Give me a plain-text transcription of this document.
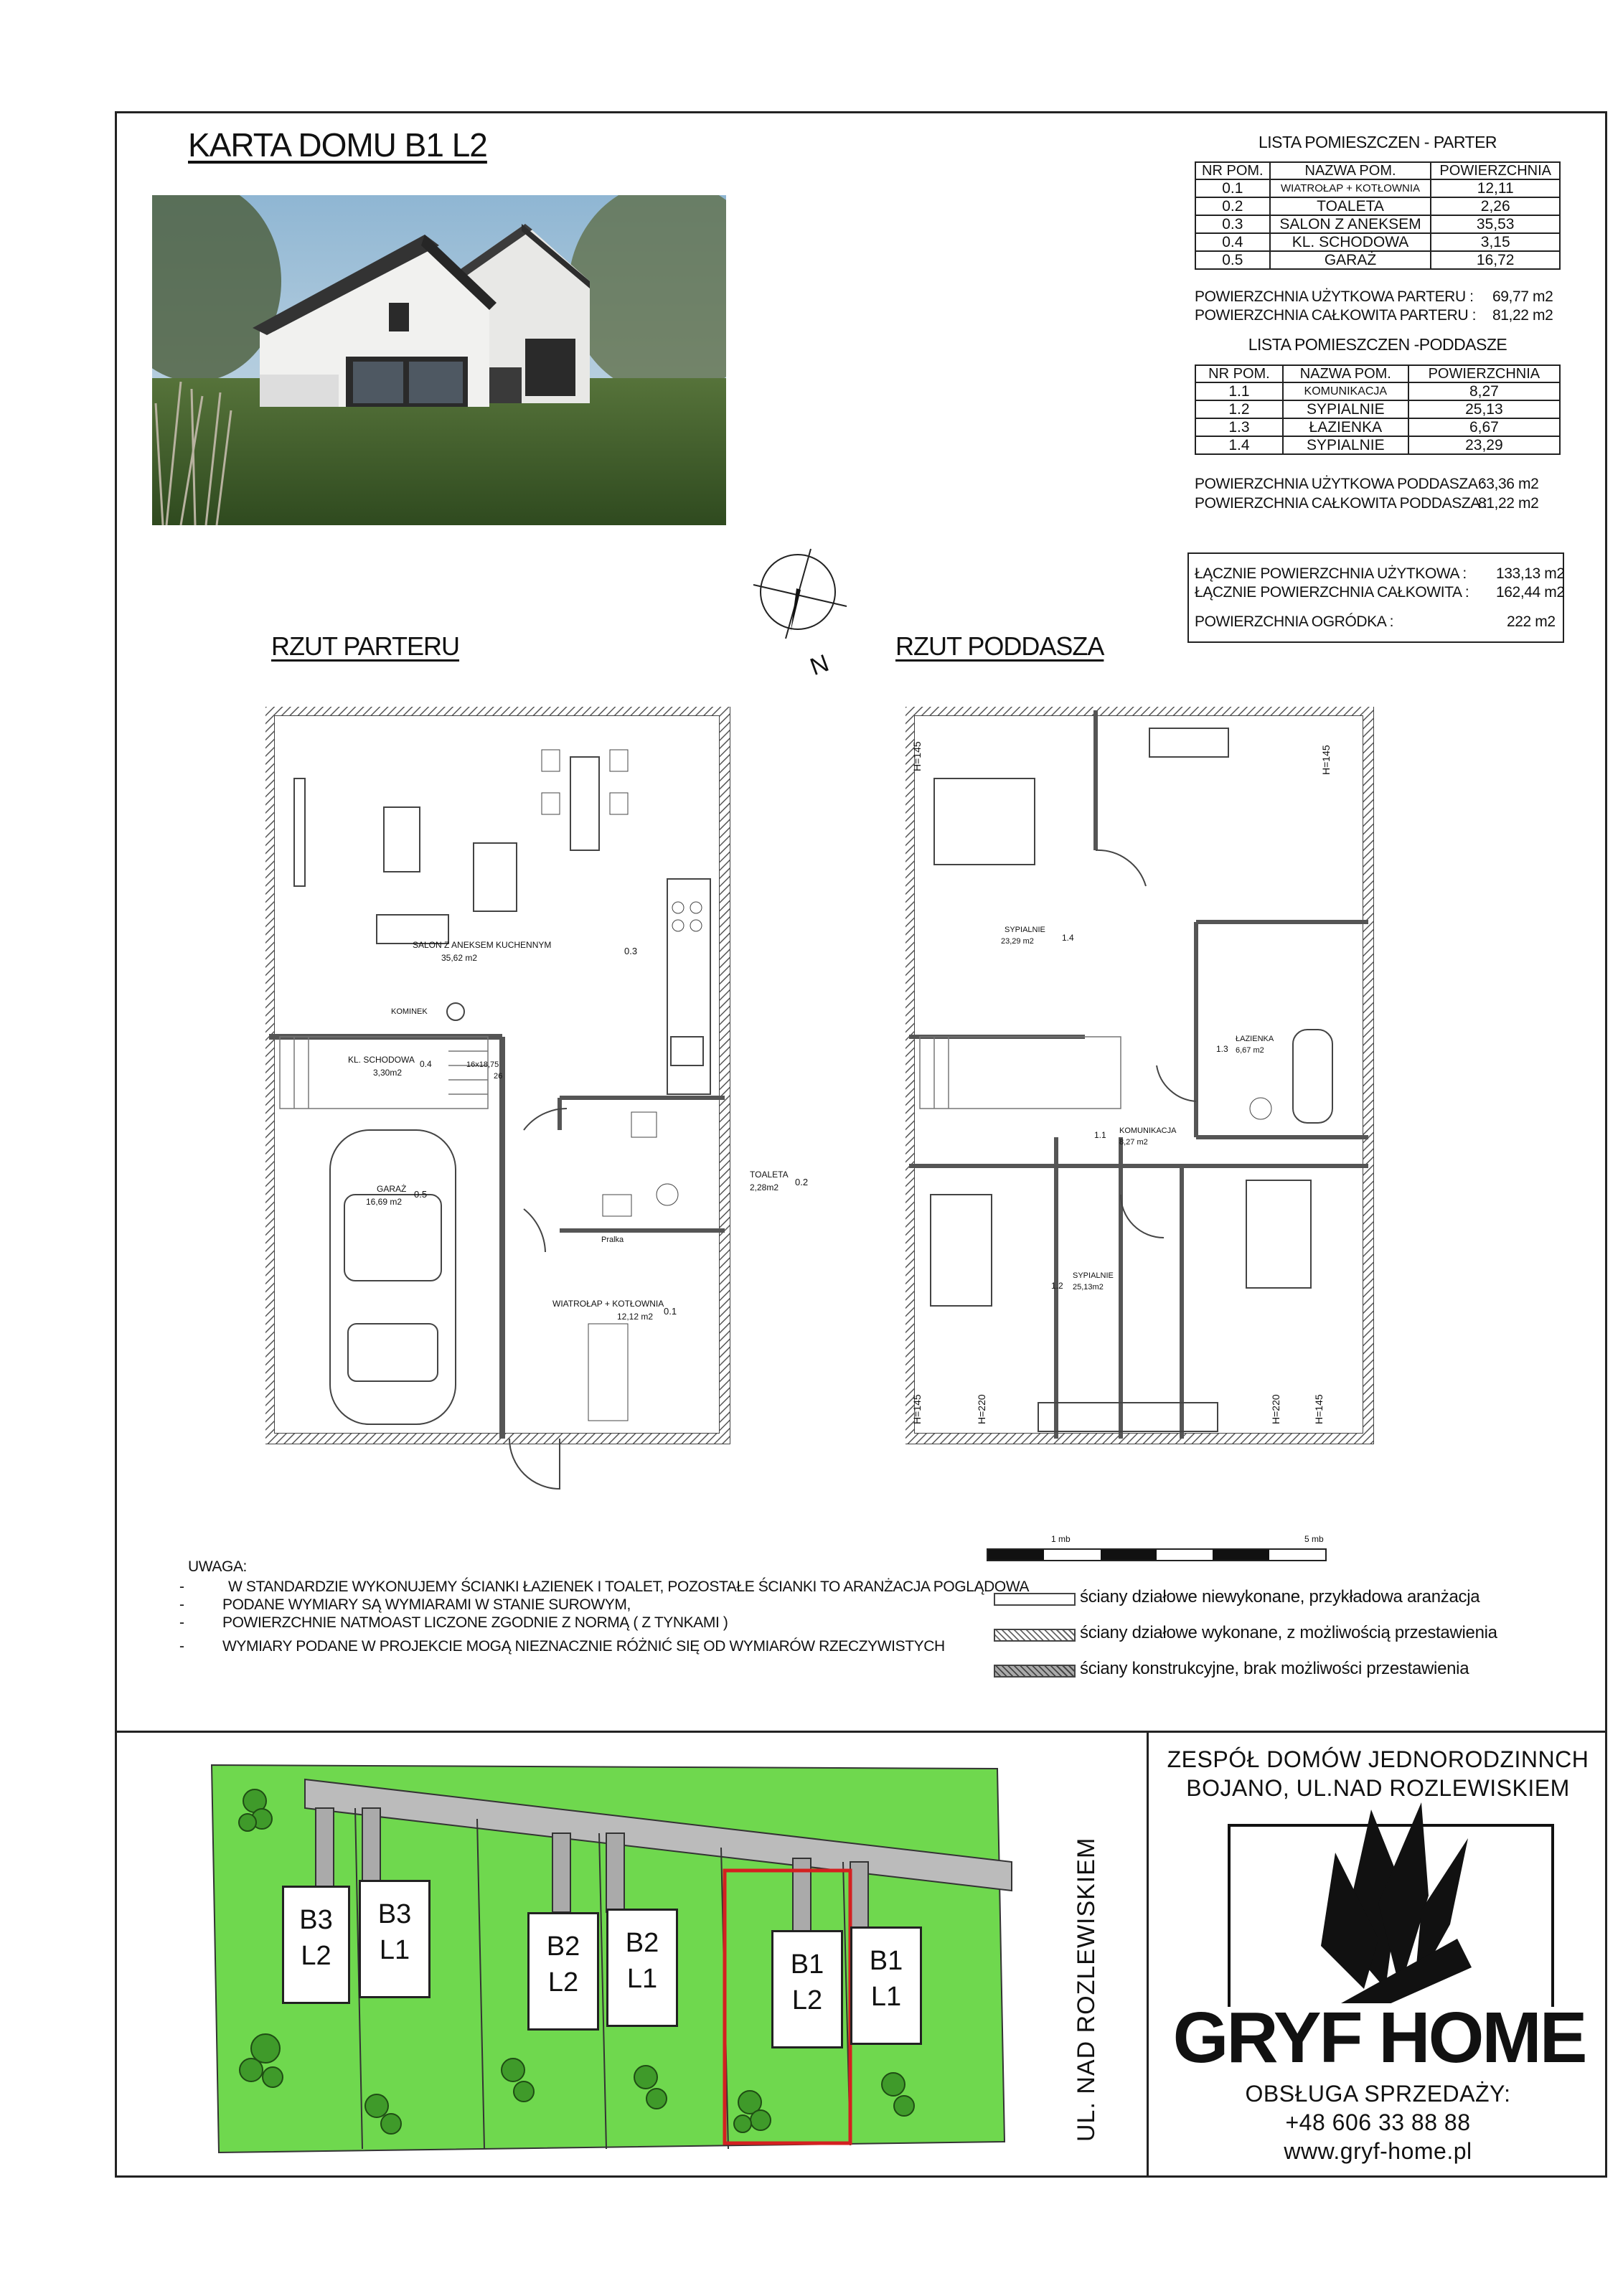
KARTA DOMU B1 L2	LISTA POMIESZCZEN - PARTER
NR POM.	NAZWA POM.	POWIERZCHNIA
0.1	WIATROŁAP + KOTŁOWNIA	12,11
0.2	TOALETA	2,26
0.3	SALON Z ANEKSEM	35,53
0.4	KL. SCHODOWA	3,15
0.5	GARAŻ	16,72
POWIERZCHNIA UŻYTKOWA PARTERU : 69,77 m2
POWIERZCHNIA CAŁKOWITA PARTERU : 81,22 m2
LISTA POMIESZCZEN -PODDASZE
NR POM.	NAZWA POM.	POWIERZCHNIA
1.1	KOMUNIKACJA	8,27
1.2	SYPIALNIE	25,13
1.3	ŁAZIENKA	6,67
1.4	SYPIALNIE	23,29
POWIERZCHNIA UŻYTKOWA PODDASZA :
63,36 m2
POWIERZCHNIA CAŁKOWITA PODDASZA :
81,22 m2
ŁĄCZNIE POWIERZCHNIA UŻYTKOWA : 133,13 m2
ŁĄCZNIE POWIERZCHNIA CAŁKOWITA : 162,44 m2
POWIERZCHNIA OGRÓDKA :	222 m2
N
RZUT PARTERU	RZUT PODDASZA
SALON Z ANEKSEM KUCHENNYM
35,62 m2
0.3
KOMINEK
KL. SCHODOWA
3,30m2
0.4	16x18,75
26
GARAŻ
16,69 m2
0.5
TOALETA
2,28m2 0.2
Pralka
WIATROŁAP + KOTŁOWNIA
12,12 m2 0.1
SYPIALNIE
23,29 m2	1.4
1.3
ŁAZIENKA
6,67 m2
1.1 KOMUNIKACJA
8,27 m2
1.2
SYPIALNIE
25,13m2
H=145	H=145
H=145	H=220	H=220	H=145
1 mb	5 mb
UWAGA:
-	W STANDARDZIE WYKONUJEMY ŚCIANKI ŁAZIENEK I TOALET, POZOSTAŁE ŚCIANKI TO ARANŻACJA POGLĄDOWA
-	PODANE WYMIARY SĄ WYMIARAMI W STANIE SUROWYM,
-	POWIERZCHNIE NATMOAST LICZONE ZGODNIE Z NORMĄ ( Z TYNKAMI )
-	WYMIARY PODANE W PROJEKCIE MOGĄ NIEZNACZNIE RÓŻNIĆ SIĘ OD WYMIARÓW RZECZYWISTYCH
ściany działowe niewykonane, przykładowa aranżacja
ściany działowe wykonane, z możliwością przestawienia
ściany konstrukcyjne, brak możliwości przestawienia
B3
L2
B3
L1	B2
L2
B2
L1	B1
L2
B1
L1	UL. NAD ROZLEWISKIEM
ZESPÓŁ DOMÓW JEDNORODZINNCH
BOJANO, UL.NAD ROZLEWISKIEM
GRYF HOME
OBSŁUGA SPRZEDAŻY:
+48 606 33 88 88
www.gryf-home.pl
